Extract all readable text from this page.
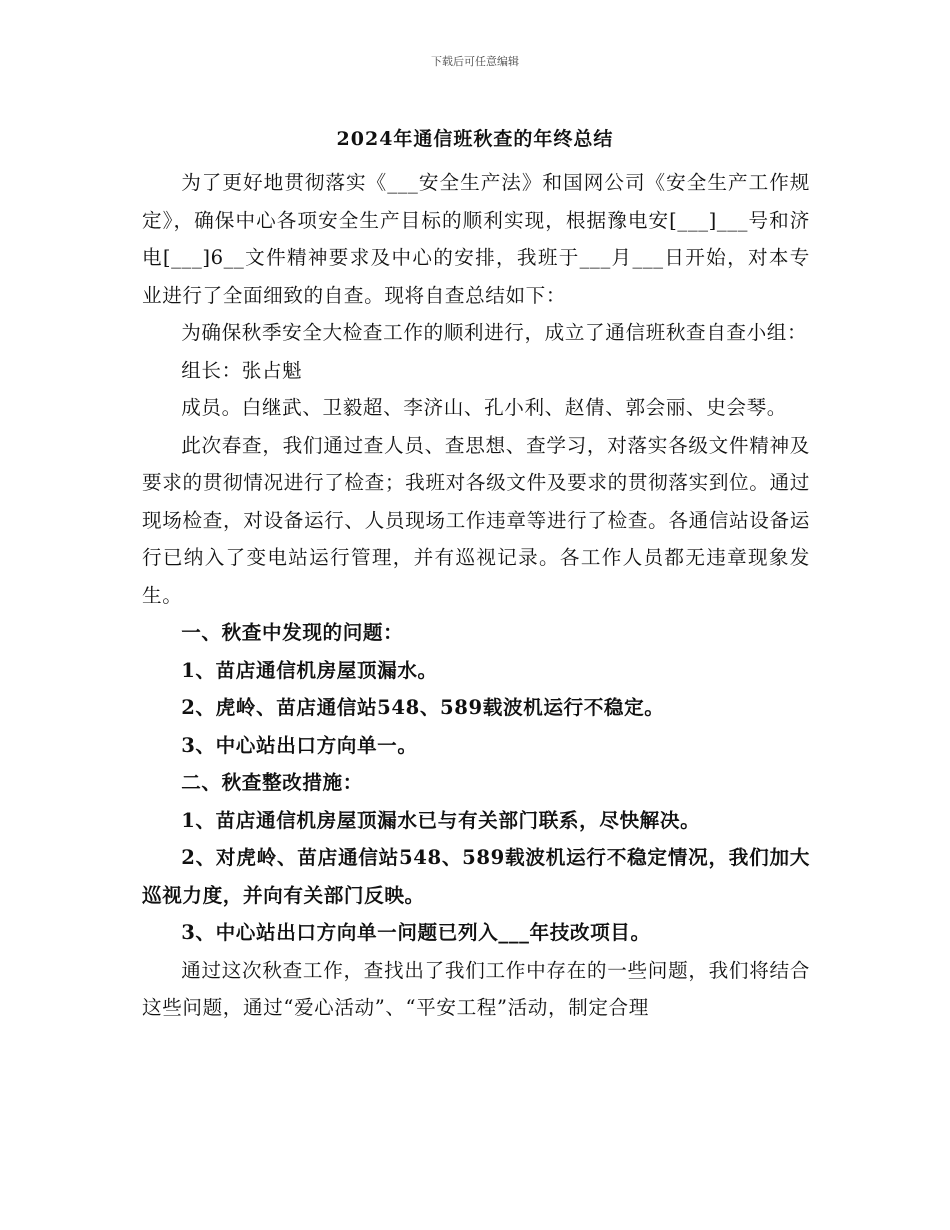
下载后可任意编辑
2024年通信班秋查的年终总结

为了更好地贯彻落实《___安全生产法》和国网公司《安全生产工作规定》，确保中心各项安全生产目标的顺利实现，根据豫电安[___]___号和济电[___]6__文件精神要求及中心的安排，我班于___月___日开始，对本专业进行了全面细致的自查。现将自查总结如下：

为确保秋季安全大检查工作的顺利进行，成立了通信班秋查自查小组：

组长：张占魁

成员。白继武、卫毅超、李济山、孔小利、赵倩、郭会丽、史会琴。

此次春查，我们通过查人员、查思想、查学习，对落实各级文件精神及要求的贯彻情况进行了检查；我班对各级文件及要求的贯彻落实到位。通过现场检查，对设备运行、人员现场工作违章等进行了检查。各通信站设备运行已纳入了变电站运行管理，并有巡视记录。各工作人员都无违章现象发生。

一、秋查中发现的问题：

1、苗店通信机房屋顶漏水。

2、虎岭、苗店通信站548、589载波机运行不稳定。

3、中心站出口方向单一。

二、秋查整改措施：

1、苗店通信机房屋顶漏水已与有关部门联系，尽快解决。

2、对虎岭、苗店通信站548、589载波机运行不稳定情况，我们加大巡视力度，并向有关部门反映。

3、中心站出口方向单一问题已列入___年技改项目。

通过这次秋查工作，查找出了我们工作中存在的一些问题，我们将结合这些问题，通过“爱心活动”、“平安工程”活动，制定合理
